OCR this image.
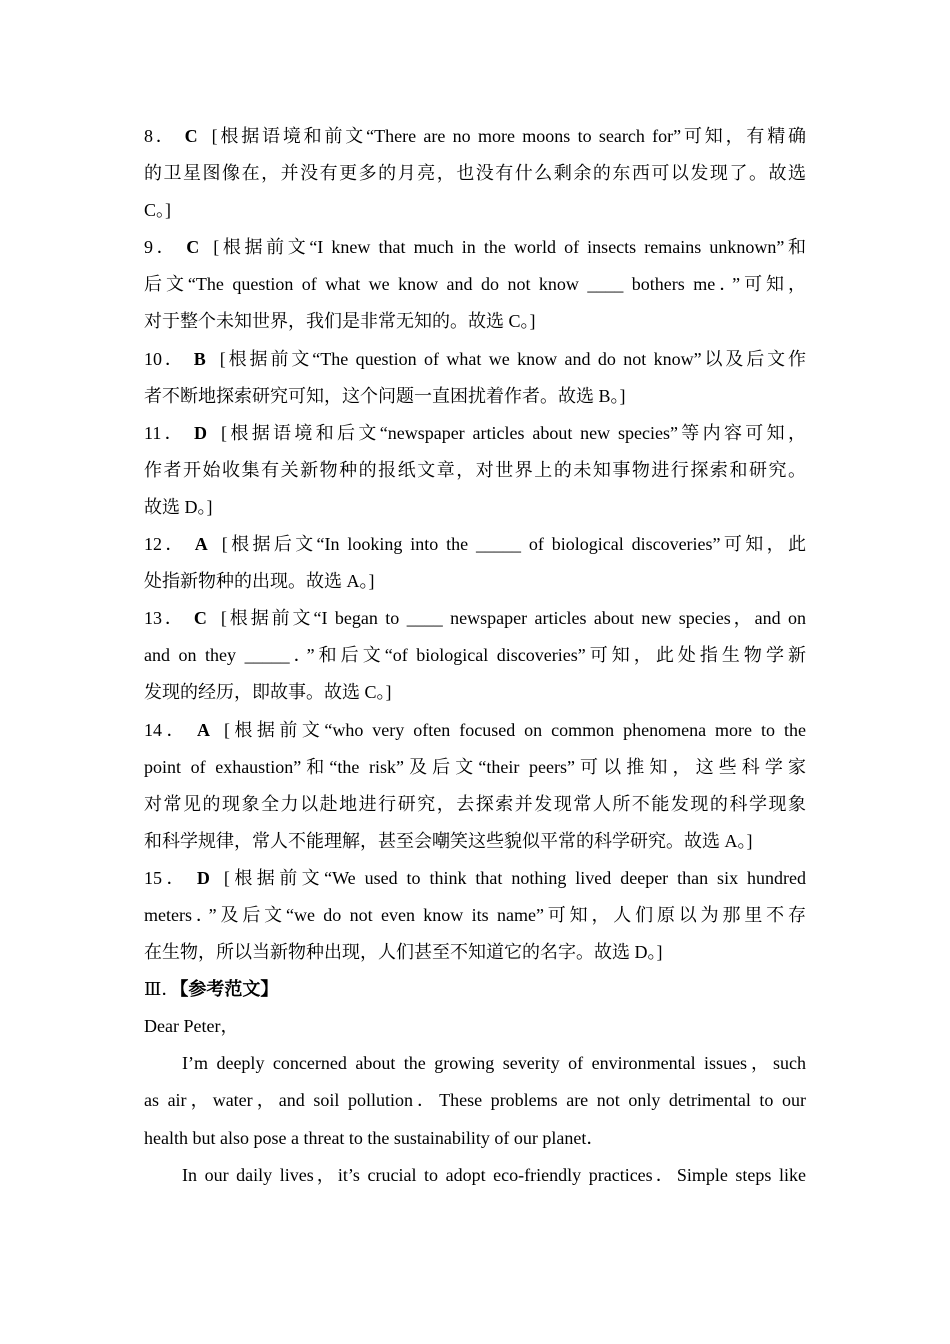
8． C [根据语境和前文“There are no more moons to search for”可知，有精确
的卫星图像在，并没有更多的月亮，也没有什么剩余的东西可以发现了。故选
C。]
9． C [根据前文“I knew that much in the world of insects remains unknown”和
后文“The question of what we know and do not know ____ bothers me．”可知，
对于整个未知世界，我们是非常无知的。故选 C。]
10． B [根据前文“The question of what we know and do not know”以及后文作
者不断地探索研究可知，这个问题一直困扰着作者。故选 B。]
11． D [根据语境和后文“newspaper articles about new species”等内容可知，
作者开始收集有关新物种的报纸文章，对世界上的未知事物进行探索和研究。
故选 D。]
12． A [根据后文“In looking into the _____ of biological discoveries”可知，此
处指新物种的出现。故选 A。]
13． C [根据前文“I began to ____ newspaper articles about new species，and on
and on they _____．”和后文“of biological discoveries”可知，此处指生物学新
发现的经历，即故事。故选 C。]
14． A [根据前文“who very often focused on common phenomena more to the
point of exhaustion”和“the risk”及后文“their peers”可以推知，这些科学家
对常见的现象全力以赴地进行研究，去探索并发现常人所不能发现的科学现象
和科学规律，常人不能理解，甚至会嘲笑这些貌似平常的科学研究。故选 A。]
15． D [根据前文“We used to think that nothing lived deeper than six hundred
meters．”及后文“we do not even know its name”可知，人们原以为那里不存
在生物，所以当新物种出现，人们甚至不知道它的名字。故选 D。]
Ⅲ．【参考范文】
Dear Peter，
I’m deeply concerned about the growing severity of environmental issues，such
as air，water，and soil pollution．These problems are not only detrimental to our
health but also pose a threat to the sustainability of our planet．
In our daily lives，it’s crucial to adopt eco-friendly practices．Simple steps like
